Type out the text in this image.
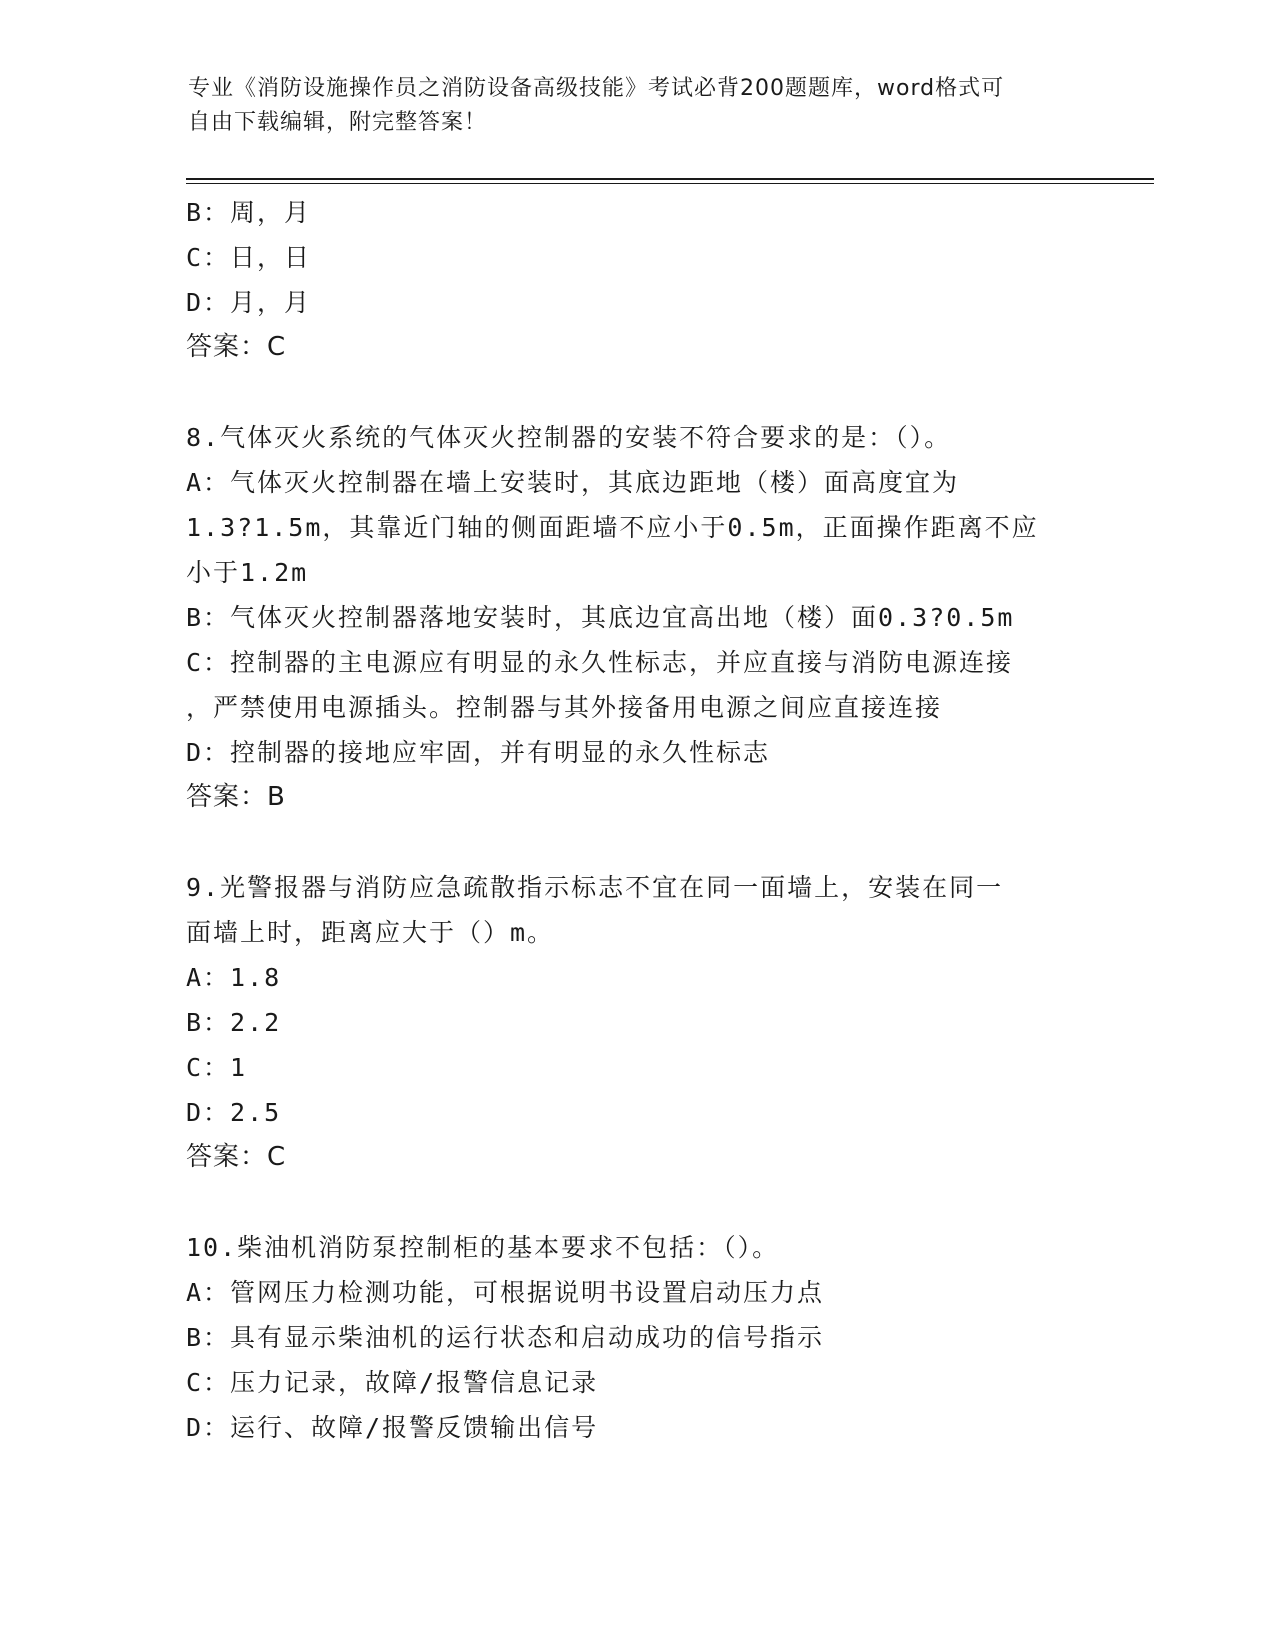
专业《消防设施操作员之消防设备高级技能》考试必背200题题库，word格式可
自由下载编辑，附完整答案！
B：周，月
C：日，日
D：月，月
答案：C
8.气体灭火系统的气体灭火控制器的安装不符合要求的是：（）。
A：气体灭火控制器在墙上安装时，其底边距地（楼）面高度宜为
1.3?1.5m，其靠近门轴的侧面距墙不应小于0.5m，正面操作距离不应
小于1.2m
B：气体灭火控制器落地安装时，其底边宜高出地（楼）面0.3?0.5m
C：控制器的主电源应有明显的永久性标志，并应直接与消防电源连接
，严禁使用电源插头。控制器与其外接备用电源之间应直接连接
D：控制器的接地应牢固，并有明显的永久性标志
答案：B
9.光警报器与消防应急疏散指示标志不宜在同一面墙上，安装在同一
面墙上时，距离应大于（）m。
A：1.8
B：2.2
C：1
D：2.5
答案：C
10.柴油机消防泵控制柜的基本要求不包括：（）。
A：管网压力检测功能，可根据说明书设置启动压力点
B：具有显示柴油机的运行状态和启动成功的信号指示
C：压力记录，故障/报警信息记录
D：运行、故障/报警反馈输出信号
